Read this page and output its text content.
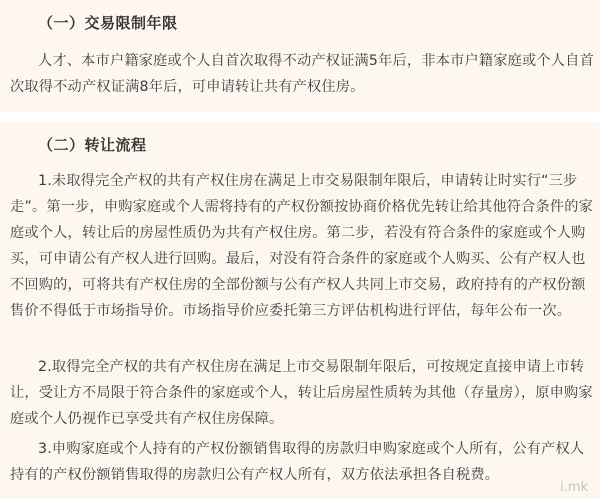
（一）交易限制年限
人才、本市户籍家庭或个人自首次取得不动产权证满5年后，非本市户籍家庭或个人自首次取得不动产权证满8年后，可申请转让共有产权住房。
（二）转让流程
1.未取得完全产权的共有产权住房在满足上市交易限制年限后，申请转让时实行“三步走”。第一步，申购家庭或个人需将持有的产权份额按协商价格优先转让给其他符合条件的家庭或个人，转让后的房屋性质仍为共有产权住房。第二步，若没有符合条件的家庭或个人购买，可申请公有产权人进行回购。最后，对没有符合条件的家庭或个人购买、公有产权人也不回购的，可将共有产权住房的全部份额与公有产权人共同上市交易，政府持有的产权份额售价不得低于市场指导价。市场指导价应委托第三方评估机构进行评估，每年公布一次。
2.取得完全产权的共有产权住房在满足上市交易限制年限后，可按规定直接申请上市转让，受让方不局限于符合条件的家庭或个人，转让后房屋性质转为其他（存量房），原申购家庭或个人仍视作已享受共有产权住房保障。
3.申购家庭或个人持有的产权份额销售取得的房款归申购家庭或个人所有，公有产权人持有的产权份额销售取得的房款归公有产权人所有，双方依法承担各自税费。
i.mk
